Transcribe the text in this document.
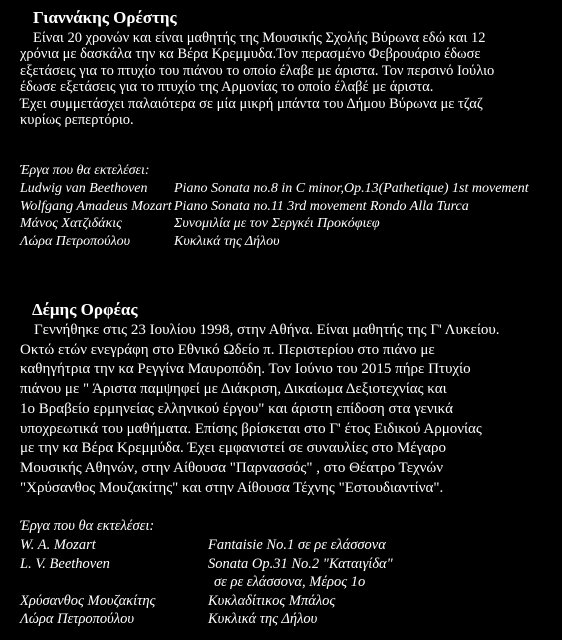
Γιαννάκης Ορέστης
Είναι 20 χρονών και είναι μαθητής της Μουσικής Σχολής Βύρωνα εδώ και 12
χρόνια με δασκάλα την κα Βέρα Κρεμμυδα.Τον περασμένο Φεβρουάριο έδωσε
εξετάσεις για το πτυχίο του πιάνου το οποίο έλαβε με άριστα. Τον περσινό Ιούλιο
έδωσε εξετάσεις για το πτυχίο της Αρμονίας το οποίο έλαβέ με άριστα.
Έχει συμμετάσχει παλαιότερα σε μία μικρή μπάντα του Δήμου Βύρωνα με τζαζ
κυρίως ρεπερτόριο.
Έργα που θα εκτελέσει:
Ludwig van Beethoven Piano Sonata no.8 in C minor,Op.13(Pathetique) 1st movement
Wolfgang Amadeus Mozart Piano Sonata no.11 3rd movement Rondo Alla Turca
Μάνος Χατζιδάκις	Συνομιλία με τον Σεργκέι Προκόφιεφ
Λώρα Πετροπούλου	Κυκλικά της Δήλου
Δέμης Ορφέας
Γεννήθηκε στις 23 Ιουλίου 1998, στην Αθήνα. Είναι μαθητής της Γ' Λυκείου.
Οκτώ ετών ενεγράφη στο Εθνικό Ωδείο π. Περιστερίου στο πιάνο με
καθηγήτρια την κα Ρεγγίνα Μαυροπόδη. Τον Ιούνιο του 2015 πήρε Πτυχίο
πιάνου με " Άριστα παμψηφεί με Διάκριση, Δικαίωμα Δεξιοτεχνίας και
1ο Βραβείο ερμηνείας ελληνικού έργου" και άριστη επίδοση στα γενικά
υποχρεωτικά του μαθήματα. Επίσης βρίσκεται στο Γ' έτος Ειδικού Αρμονίας
με την κα Βέρα Κρεμμύδα. Έχει εμφανιστεί σε συναυλίες στο Μέγαρο
Μουσικής Αθηνών, στην Αίθουσα "Παρνασσός" , στο Θέατρο Τεχνών
"Χρύσανθος Μουζακίτης" και στην Αίθουσα Τέχνης "Εστουδιαντίνα".
Έργα που θα εκτελέσει:
W. A. Mozart	Fantaisie No.1 σε ρε ελάσσονα
L. V. Beethoven	Sonata Op.31 No.2 "Καταιγίδα"
σε ρε ελάσσονα, Μέρος 1ο
Χρύσανθος Μουζακίτης	Κυκλαδίτικος Μπάλος
Λώρα Πετροπούλου	Κυκλικά της Δήλου
